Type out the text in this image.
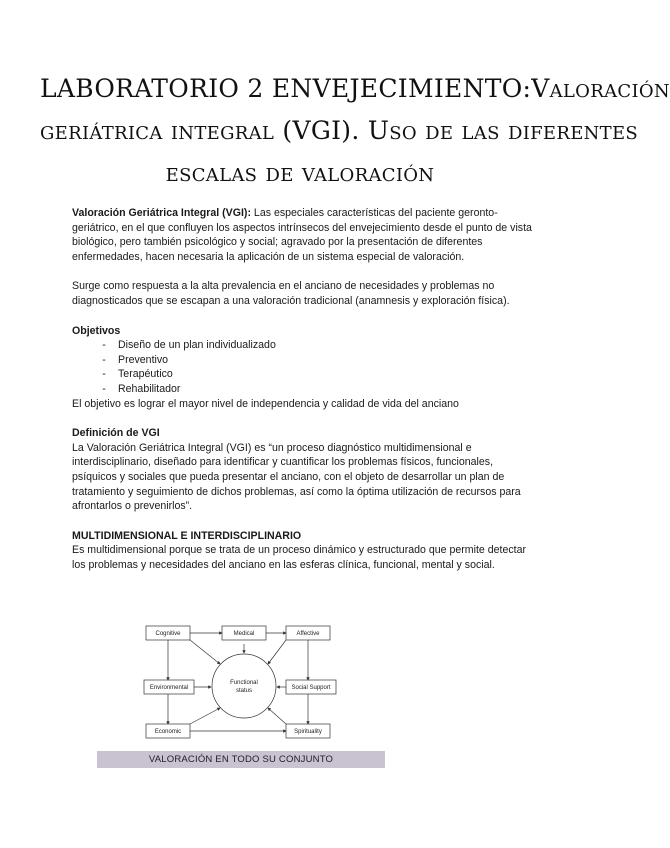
LABORATORIO 2 ENVEJECIMIENTO:Valoración
geriátrica integral (VGI). Uso de las diferentes
escalas de valoración

Valoración Geriátrica Integral (VGI): Las especiales características del paciente geronto-geriátrico, en el que confluyen los aspectos intrínsecos del envejecimiento desde el punto de vista biológico, pero también psicológico y social; agravado por la presentación de diferentes enfermedades, hacen necesaria la aplicación de un sistema especial de valoración.

Surge como respuesta a la alta prevalencia en el anciano de necesidades y problemas no diagnosticados que se escapan a una valoración tradicional (anamnesis y exploración física).

Objetivos

- Diseño de un plan individualizado
- Preventivo
- Terapéutico
- Rehabilitador

El objetivo es lograr el mayor nivel de independencia y calidad de vida del anciano

Definición de VGI

La Valoración Geriátrica Integral (VGI) es “un proceso diagnóstico multidimensional e interdisciplinario, diseñado para identificar y cuantificar los problemas físicos, funcionales, psíquicos y sociales que pueda presentar el anciano, con el objeto de desarrollar un plan de tratamiento y seguimiento de dichos problemas, así como la óptima utilización de recursos para afrontarlos o prevenirlos”.

MULTIDIMENSIONAL E INTERDISCIPLINARIO

Es multidimensional porque se trata de un proceso dinámico y estructurado que permite detectar los problemas y necesidades del anciano en las esferas clínica, funcional, mental y social.

Cognitive	Medical	Affective
Environmental	Social Support
Economic	Spirituality
Functional
status
VALORACIÓN EN TODO SU CONJUNTO
